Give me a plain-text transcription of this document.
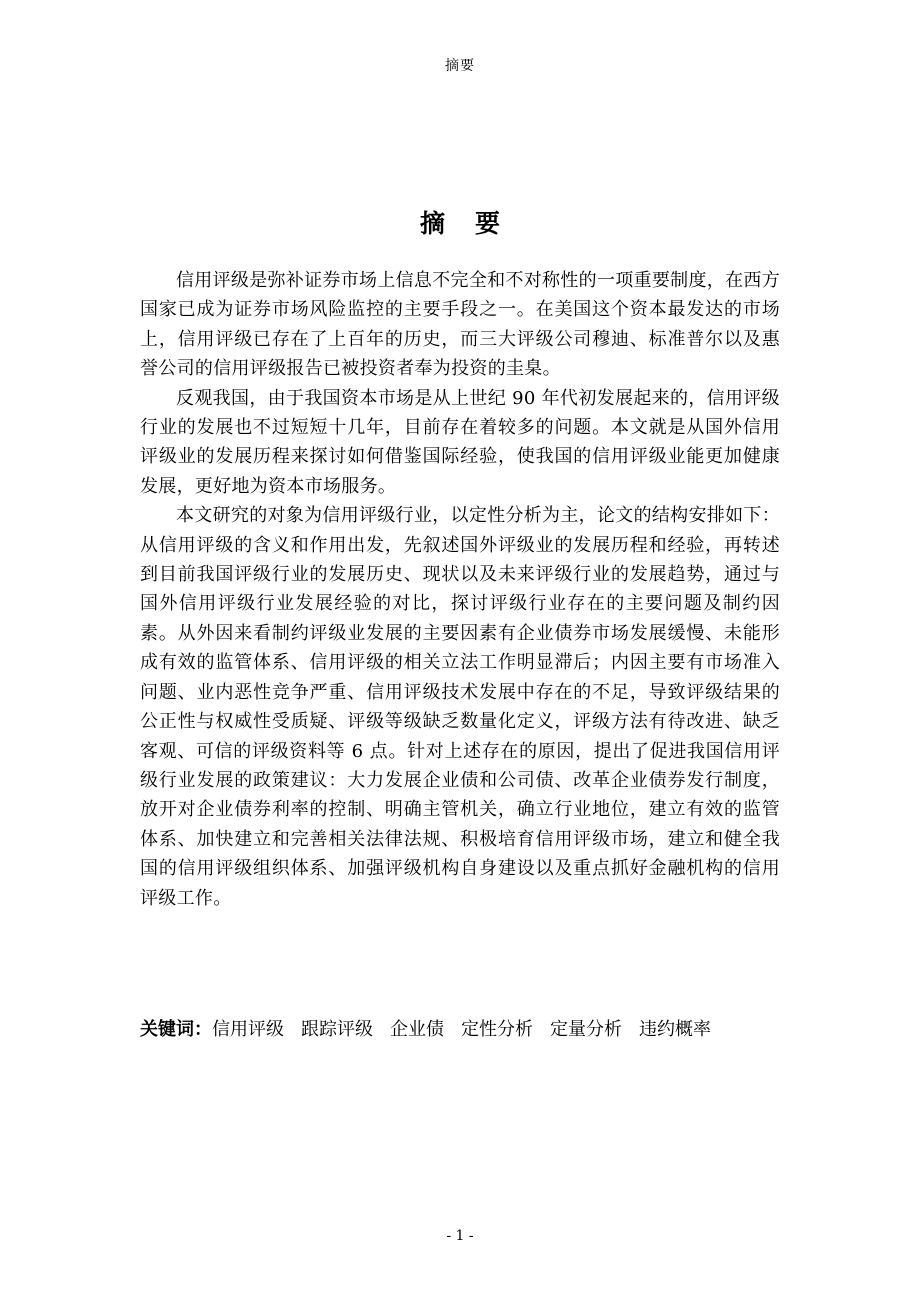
摘要
摘要

信用评级是弥补证券市场上信息不完全和不对称性的一项重要制度，在西方国家已成为证券市场风险监控的主要手段之一。在美国这个资本最发达的市场上，信用评级已存在了上百年的历史，而三大评级公司穆迪、标准普尔以及惠誉公司的信用评级报告已被投资者奉为投资的圭臬。

反观我国，由于我国资本市场是从上世纪 90 年代初发展起来的，信用评级行业的发展也不过短短十几年，目前存在着较多的问题。本文就是从国外信用评级业的发展历程来探讨如何借鉴国际经验，使我国的信用评级业能更加健康发展，更好地为资本市场服务。

本文研究的对象为信用评级行业，以定性分析为主，论文的结构安排如下：从信用评级的含义和作用出发，先叙述国外评级业的发展历程和经验，再转述到目前我国评级行业的发展历史、现状以及未来评级行业的发展趋势，通过与国外信用评级行业发展经验的对比，探讨评级行业存在的主要问题及制约因素。从外因来看制约评级业发展的主要因素有企业债券市场发展缓慢、未能形成有效的监管体系、信用评级的相关立法工作明显滞后；内因主要有市场准入问题、业内恶性竞争严重、信用评级技术发展中存在的不足，导致评级结果的公正性与权威性受质疑、评级等级缺乏数量化定义，评级方法有待改进、缺乏客观、可信的评级资料等 6 点。针对上述存在的原因，提出了促进我国信用评级行业发展的政策建议：大力发展企业债和公司债、改革企业债券发行制度，放开对企业债券利率的控制、明确主管机关，确立行业地位，建立有效的监管体系、加快建立和完善相关法律法规、积极培育信用评级市场，建立和健全我国的信用评级组织体系、加强评级机构自身建设以及重点抓好金融机构的信用评级工作。

关键词：信用评级 跟踪评级 企业债 定性分析 定量分析 违约概率
- 1 -
